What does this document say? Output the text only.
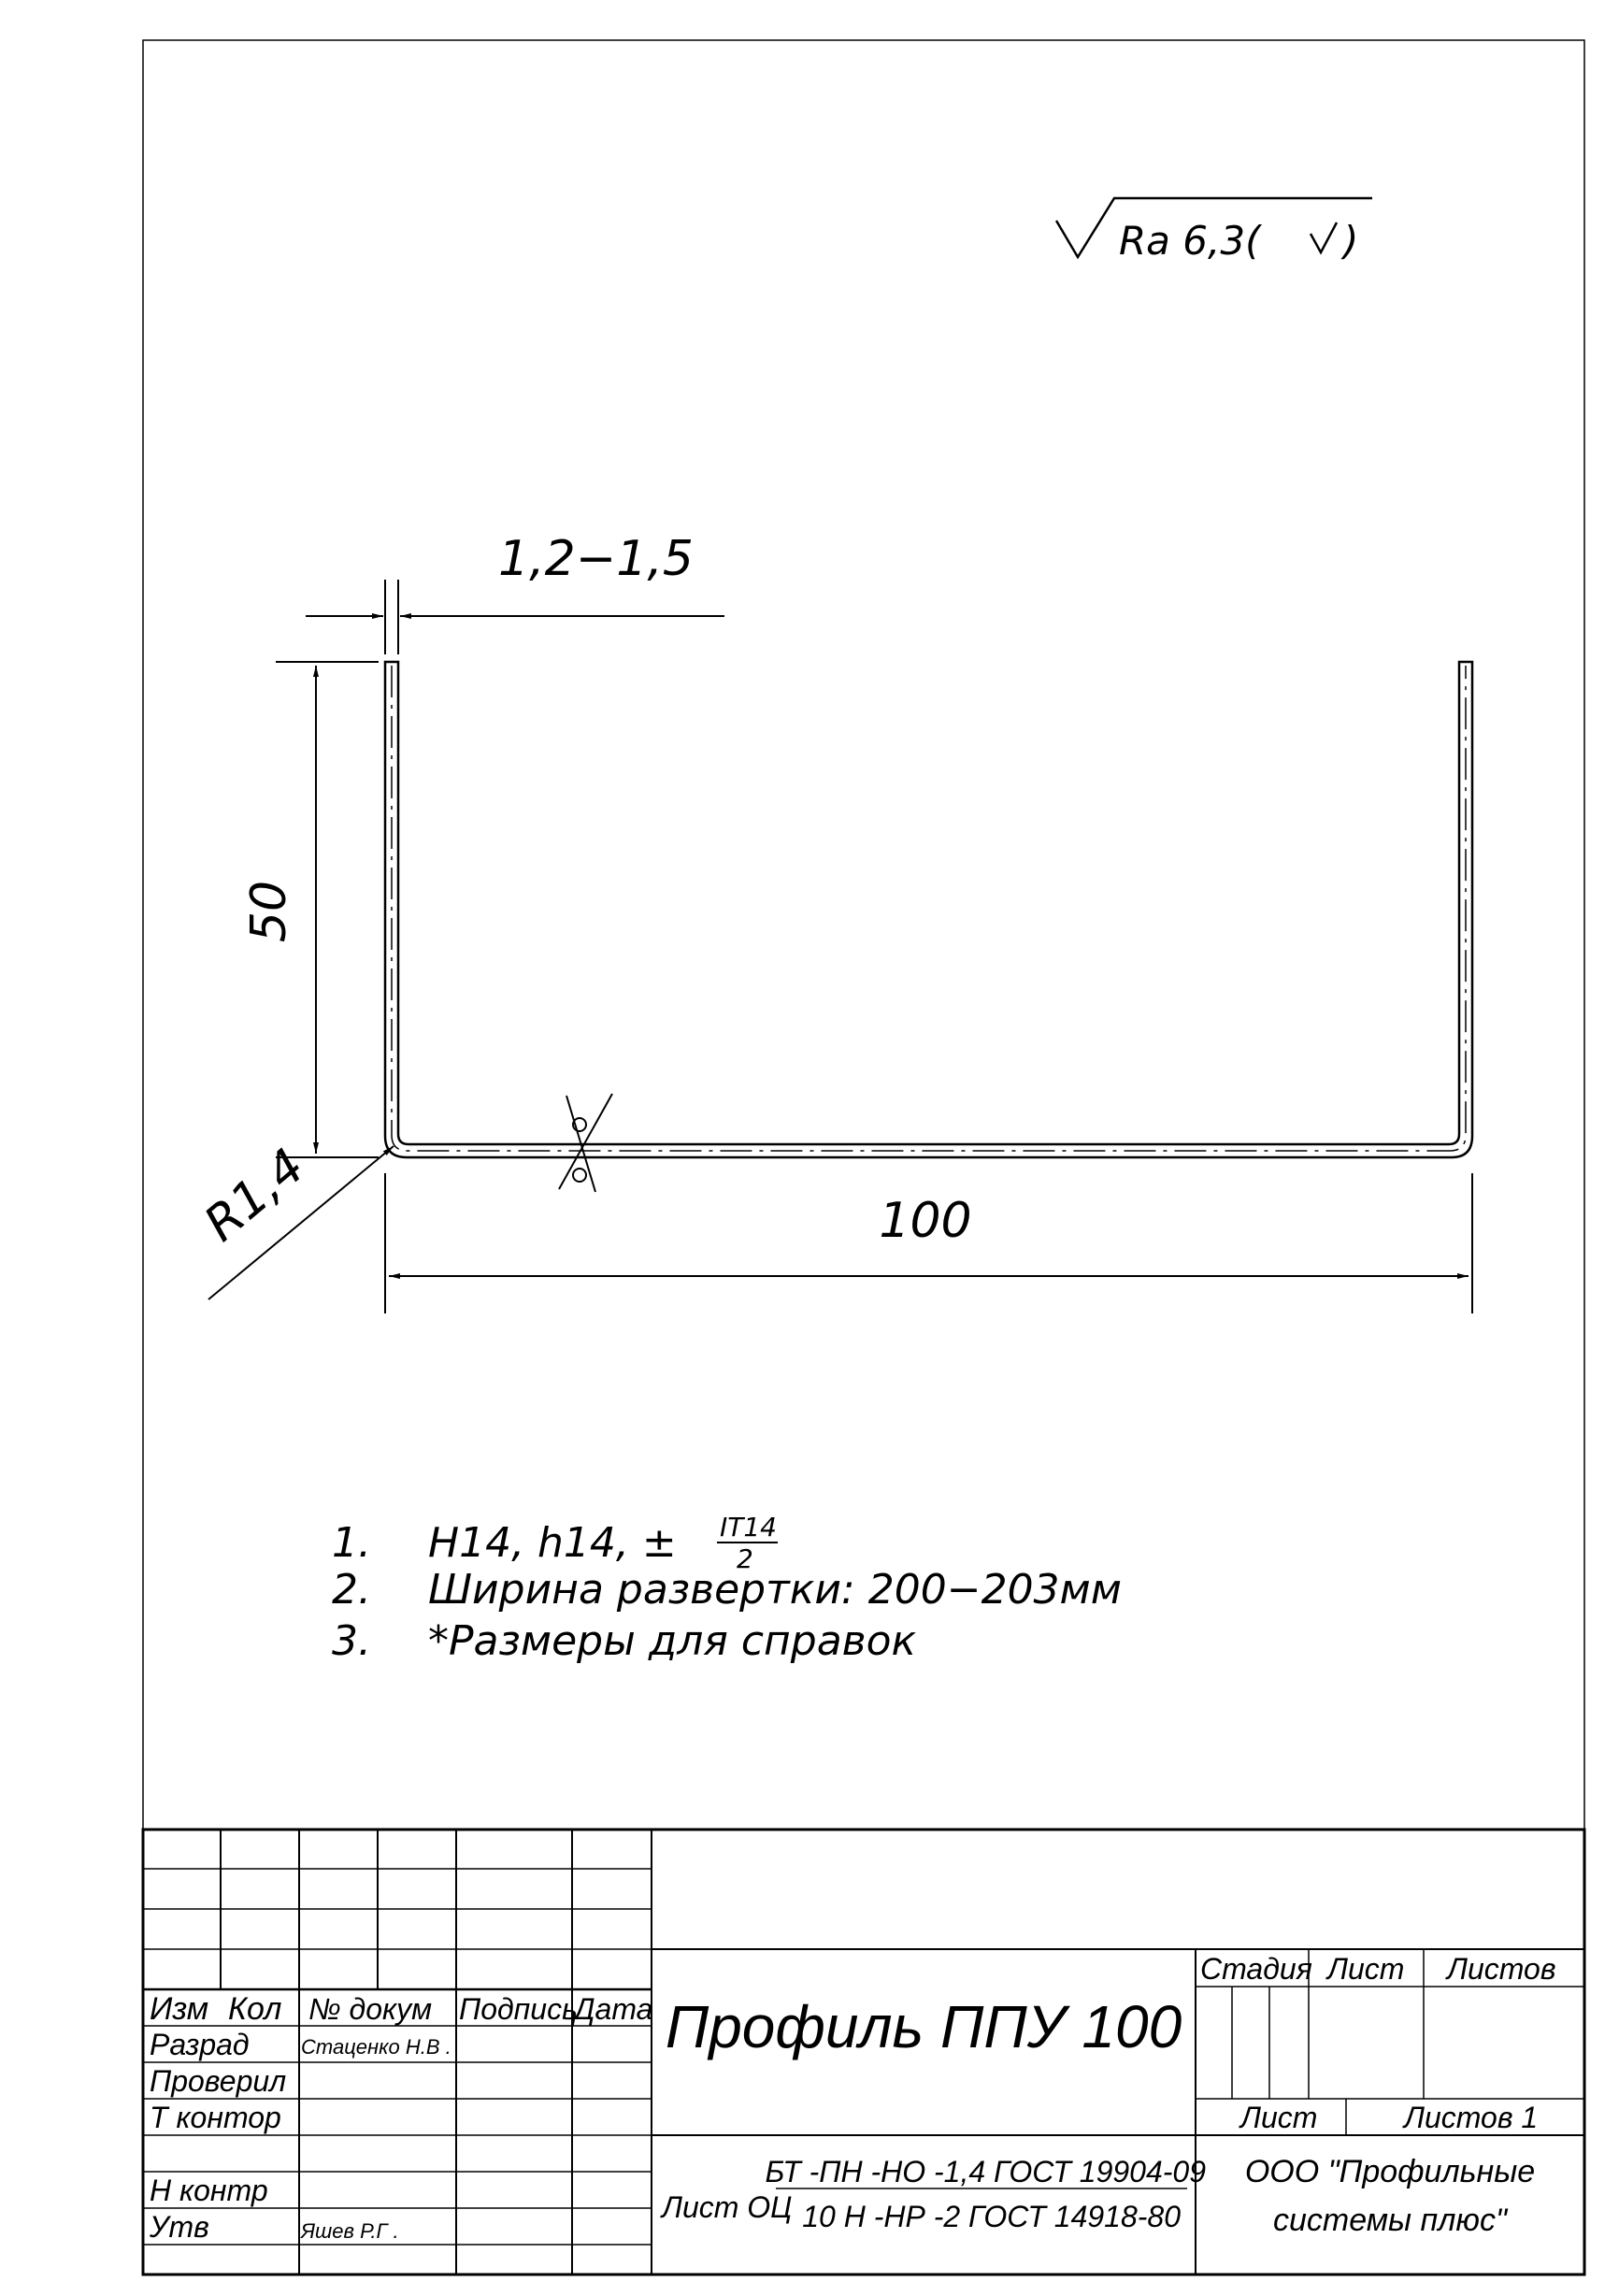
Ra 6,3( )
1,2−1,5
50
R1,4	100
1. H14, h14, ± IT14
2
2. Ширина развертки: 200−203мм
3. *Размеры для справок
Изм Кол № докум Подпись
Дата
Разрад
Проверил
Т контор
Н контр
Утв
Стаценко Н.В .
Яшев Р.Г .
Профиль ППУ 100
Стадия Лист Листов
Лист	Листов 1
Лист ОЦ
БТ -ПН -НО -1,4 ГОСТ 19904-09
10 Н -НР -2 ГОСТ 14918-80
ООО "Профильные
системы плюс"
